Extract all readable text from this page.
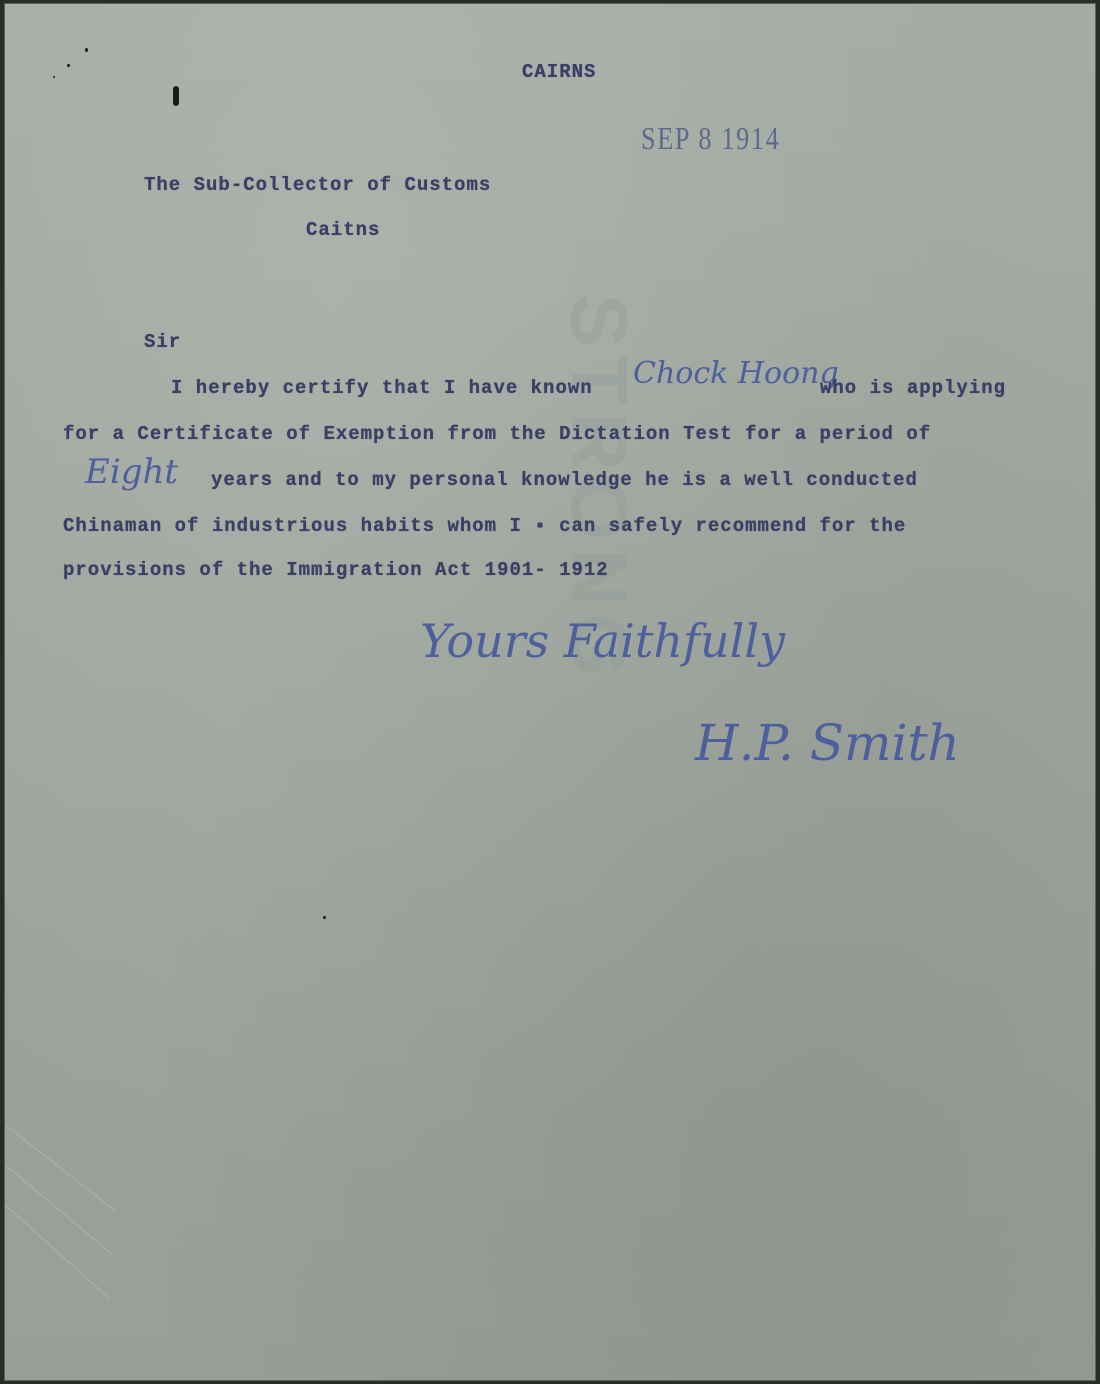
STRONG
CAIRNS
SEP 8 1914
The Sub-Collector of Customs
Caitns
Sir
I hereby certify that I have known Chock Hoong
who is applying
for a Certificate of Exemption from the Dictation Test for a period of
Eight years and to my personal knowledge he is a well conducted
Chinaman of industrious habits whom I ▪ can safely recommend for the
provisions of the Immigration Act 1901- 1912
Yours Faithfully
H.P. Smith
